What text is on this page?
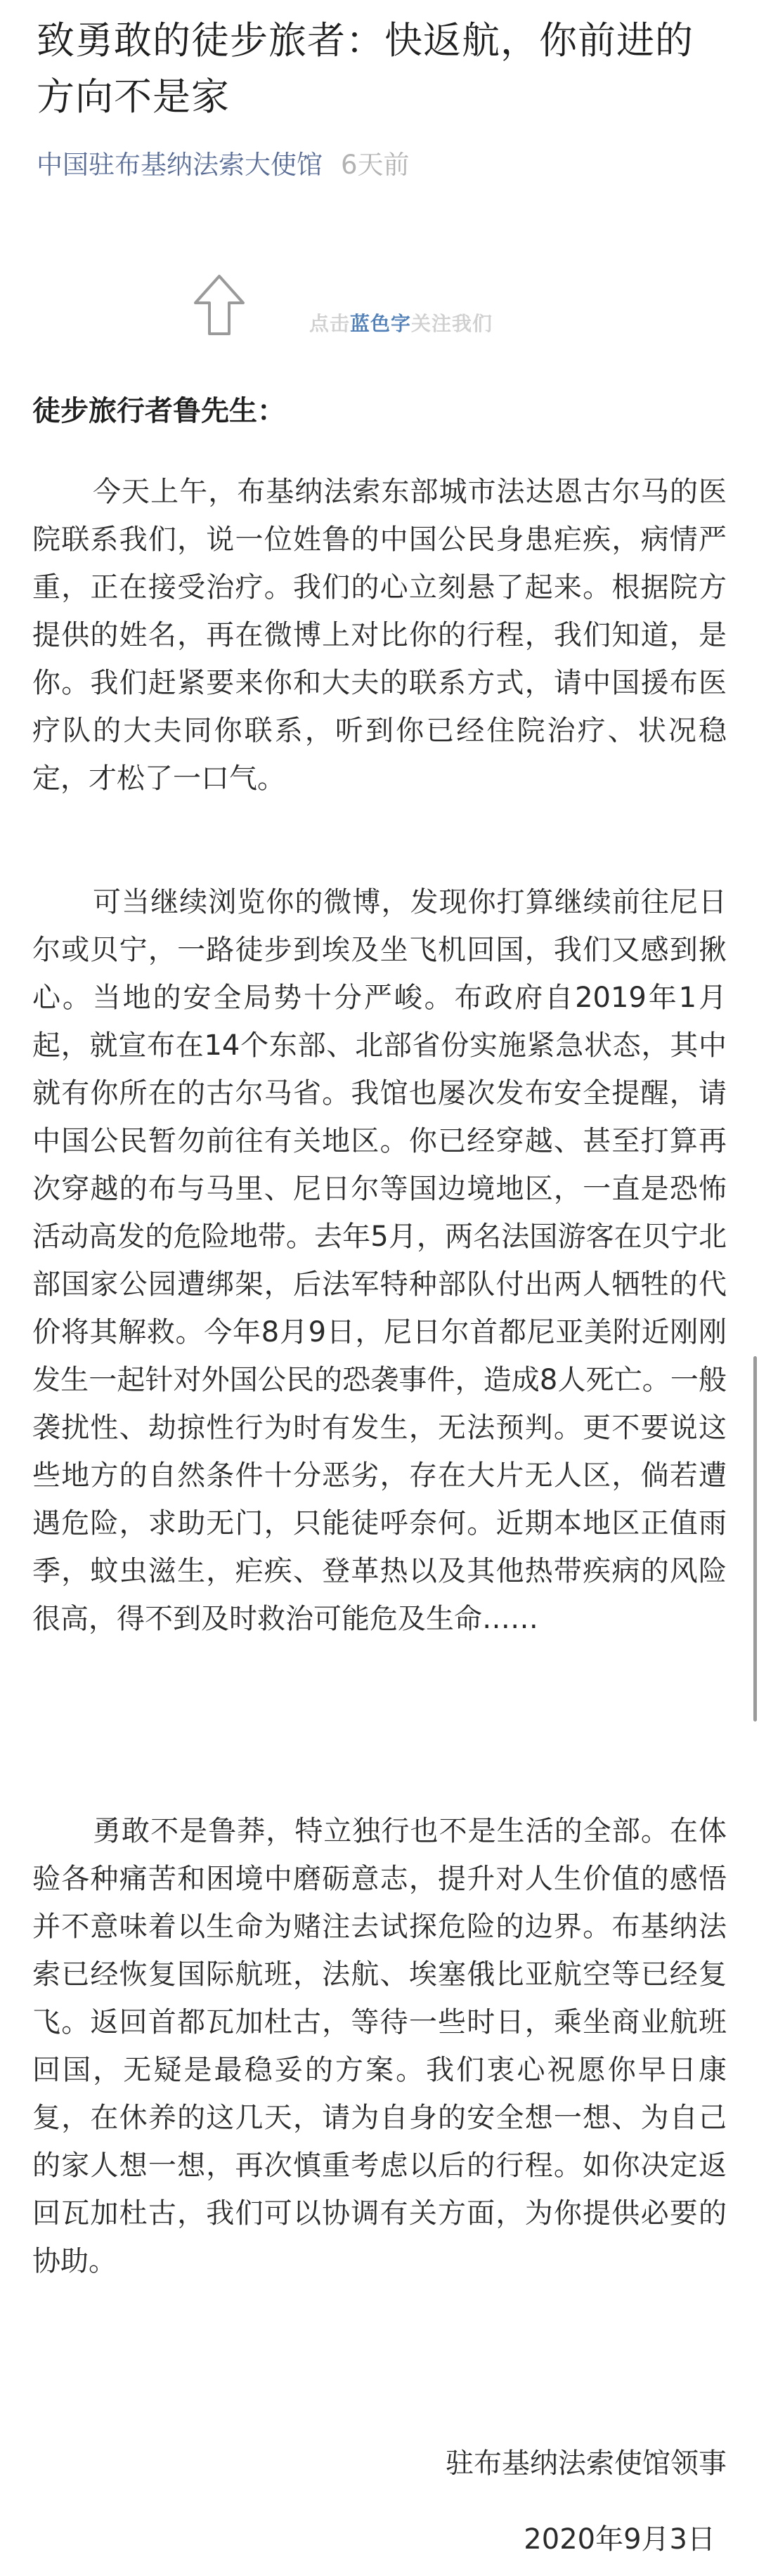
致勇敢的徒步旅者：快返航，你前进的方向不是家
中国驻布基纳法索大使馆 6天前
点击蓝色字关注我们

徒步旅行者鲁先生：

今天上午，布基纳法索东部城市法达恩古尔马的医院联系我们，说一位姓鲁的中国公民身患疟疾，病情严重，正在接受治疗。我们的心立刻悬了起来。根据院方提供的姓名，再在微博上对比你的行程，我们知道，是你。我们赶紧要来你和大夫的联系方式，请中国援布医疗队的大夫同你联系，听到你已经住院治疗、状况稳定，才松了一口气。

可当继续浏览你的微博，发现你打算继续前往尼日尔或贝宁，一路徒步到埃及坐飞机回国，我们又感到揪心。当地的安全局势十分严峻。布政府自2019年1月起，就宣布在14个东部、北部省份实施紧急状态，其中就有你所在的古尔马省。我馆也屡次发布安全提醒，请中国公民暂勿前往有关地区。你已经穿越、甚至打算再次穿越的布与马里、尼日尔等国边境地区，一直是恐怖活动高发的危险地带。去年5月，两名法国游客在贝宁北部国家公园遭绑架，后法军特种部队付出两人牺牲的代价将其解救。今年8月9日，尼日尔首都尼亚美附近刚刚发生一起针对外国公民的恐袭事件，造成8人死亡。一般袭扰性、劫掠性行为时有发生，无法预判。更不要说这些地方的自然条件十分恶劣，存在大片无人区，倘若遭遇危险，求助无门，只能徒呼奈何。近期本地区正值雨季，蚊虫滋生，疟疾、登革热以及其他热带疾病的风险很高，得不到及时救治可能危及生命……

勇敢不是鲁莽，特立独行也不是生活的全部。在体验各种痛苦和困境中磨砺意志，提升对人生价值的感悟并不意味着以生命为赌注去试探危险的边界。布基纳法索已经恢复国际航班，法航、埃塞俄比亚航空等已经复飞。返回首都瓦加杜古，等待一些时日，乘坐商业航班回国，无疑是最稳妥的方案。我们衷心祝愿你早日康复，在休养的这几天，请为自身的安全想一想、为自己的家人想一想，再次慎重考虑以后的行程。如你决定返回瓦加杜古，我们可以协调有关方面，为你提供必要的协助。

驻布基纳法索使馆领事

2020年9月3日
